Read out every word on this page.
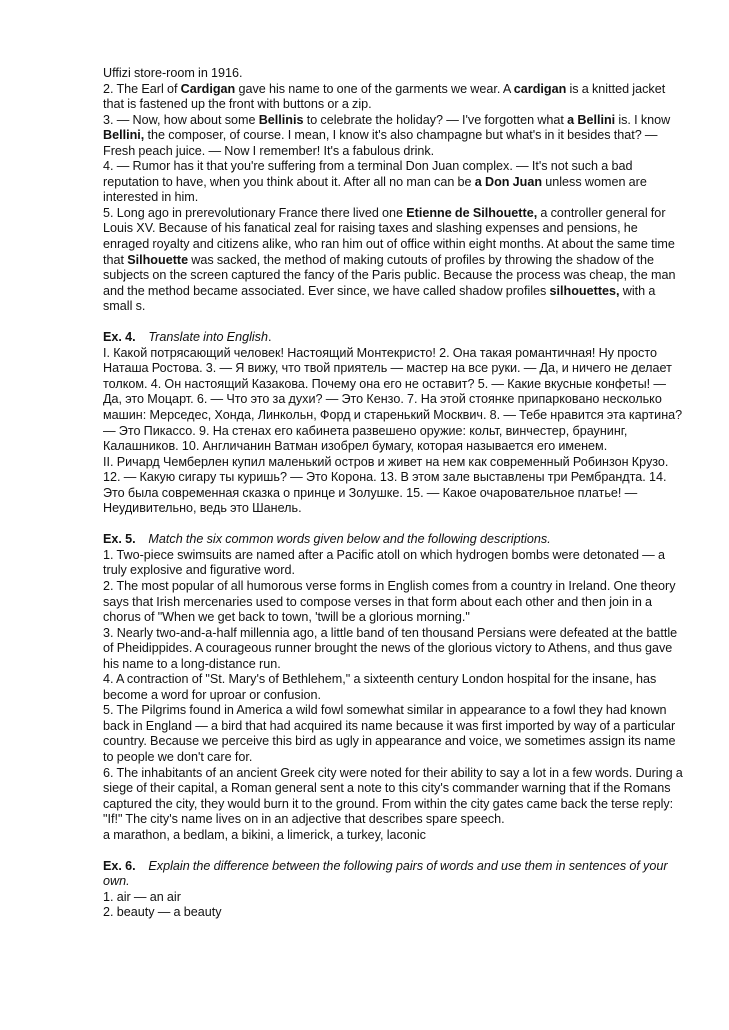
Uffizi store-room in 1916.

2. The Earl of Cardigan gave his name to one of the garments we wear. A cardigan is a knitted jacket that is fastened up the front with buttons or a zip.

3. — Now, how about some Bellinis to celebrate the holiday? — I've forgotten what a Bellini is. I know Bellini, the composer, of course. I mean, I know it's also champagne but what's in it besides that? — Fresh peach juice. — Now I remember! It's a fabulous drink.

4. — Rumor has it that you're suffering from a terminal Don Juan complex. — It's not such a bad reputation to have, when you think about it. After all no man can be a Don Juan unless women are interested in him.

5. Long ago in prerevolutionary France there lived one Etienne de Silhouette, a controller general for Louis XV. Because of his fanatical zeal for raising taxes and slashing expenses and pensions, he enraged royalty and citizens alike, who ran him out of office within eight months. At about the same time that Silhouette was sacked, the method of making cutouts of profiles by throwing the shadow of the subjects on the screen captured the fancy of the Paris public. Because the process was cheap, the man and the method became associated. Ever since, we have called shadow profiles silhouettes, with a small s.

Ex. 4. Translate into English.

I. Какой потрясающий человек! Настоящий Монтекристо! 2. Она такая романтичная! Ну просто Наташа Ростова. 3. — Я вижу, что твой приятель — мастер на все руки. — Да, и ничего не делает толком. 4. Он настоящий Казакова. Почему она его не оставит? 5. — Какие вкусные конфеты! — Да, это Моцарт. 6. — Что это за духи? — Это Кензо. 7. На этой стоянке припарковано несколько машин: Мерседес, Хонда, Линкольн, Форд и старенький Москвич. 8. — Тебе нравится эта картина? — Это Пикассо. 9. На стенах его кабинета развешено оружие: кольт, винчестер, браунинг, Калашников. 10. Англичанин Ватман изобрел бумагу, которая называется его именем.

II. Ричард Чемберлен купил маленький остров и живет на нем как современный Робинзон Крузо. 12. — Какую сигару ты куришь? — Это Корона. 13. В этом зале выставлены три Рембрандта. 14. Это была современная сказка о принце и Золушке. 15. — Какое очаровательное платье! — Неудивительно, ведь это Шанель.

Ex. 5. Match the six common words given below and the following descriptions.

1. Two-piece swimsuits are named after a Pacific atoll on which hydrogen bombs were detonated — a truly explosive and figurative word.

2. The most popular of all humorous verse forms in English comes from a country in Ireland. One theory says that Irish mercenaries used to compose verses in that form about each other and then join in a chorus of "When we get back to town, 'twill be a glorious morning."

3. Nearly two-and-a-half millennia ago, a little band of ten thousand Persians were defeated at the battle of Pheidippides. A courageous runner brought the news of the glorious victory to Athens, and thus gave his name to a long-distance run.

4. A contraction of "St. Mary's of Bethlehem," a sixteenth century London hospital for the insane, has become a word for uproar or confusion.

5. The Pilgrims found in America a wild fowl somewhat similar in appearance to a fowl they had known back in England — a bird that had acquired its name because it was first imported by way of a particular country. Because we perceive this bird as ugly in appearance and voice, we sometimes assign its name to people we don't care for.

6. The inhabitants of an ancient Greek city were noted for their ability to say a lot in a few words. During a siege of their capital, a Roman general sent a note to this city's commander warning that if the Romans captured the city, they would burn it to the ground. From within the city gates came back the terse reply: "If!" The city's name lives on in an adjective that describes spare speech.

a marathon, a bedlam, a bikini, a limerick, a turkey, laconic

Ex. 6. Explain the difference between the following pairs of words and use them in sentences of your own.

1. air — an air

2. beauty — a beauty
